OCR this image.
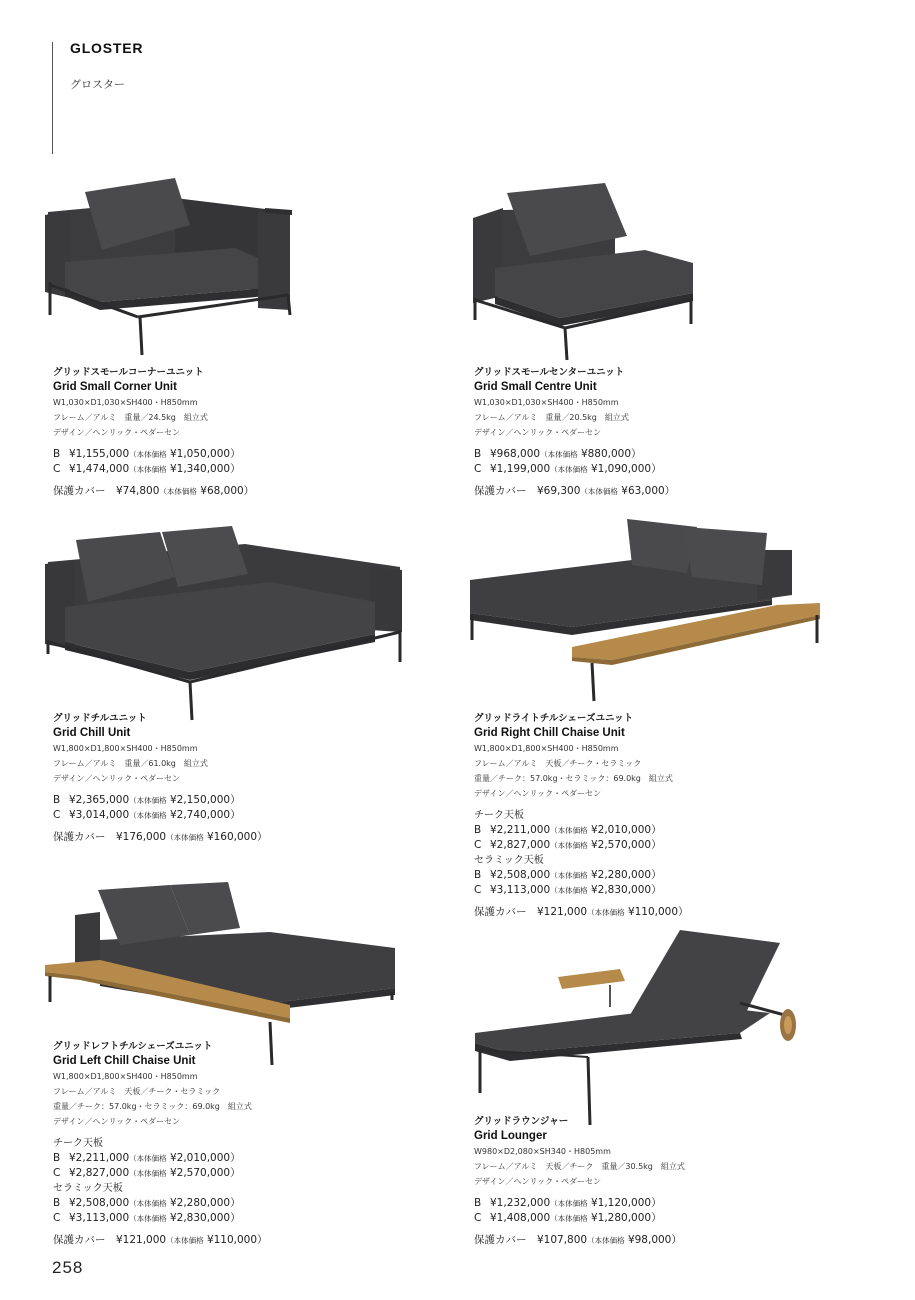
GLOSTER
グロスター

グリッドスモールコーナーユニット

Grid Small Corner Unit

W1,030×D1,030×SH400・H850mm

フレーム／アルミ　重量／24.5kg　組立式

デザイン／ヘンリック・ペダーセン

B ¥1,155,000（本体価格 ¥1,050,000）

C ¥1,474,000（本体価格 ¥1,340,000）

保護カバー　¥74,800（本体価格 ¥68,000）

グリッドスモールセンターユニット

Grid Small Centre Unit

W1,030×D1,030×SH400・H850mm

フレーム／アルミ　重量／20.5kg　組立式

デザイン／ヘンリック・ペダーセン

B ¥968,000（本体価格 ¥880,000）

C ¥1,199,000（本体価格 ¥1,090,000）

保護カバー　¥69,300（本体価格 ¥63,000）

グリッドチルユニット

Grid Chill Unit

W1,800×D1,800×SH400・H850mm

フレーム／アルミ　重量／61.0kg　組立式

デザイン／ヘンリック・ペダーセン

B ¥2,365,000（本体価格 ¥2,150,000）

C ¥3,014,000（本体価格 ¥2,740,000）

保護カバー　¥176,000（本体価格 ¥160,000）

グリッドライトチルシェーズユニット

Grid Right Chill Chaise Unit

W1,800×D1,800×SH400・H850mm

フレーム／アルミ　天板／チーク・セラミック

重量／チーク：57.0kg・セラミック：69.0kg　組立式

デザイン／ヘンリック・ペダーセン

チーク天板

B ¥2,211,000（本体価格 ¥2,010,000）

C ¥2,827,000（本体価格 ¥2,570,000）

セラミック天板

B ¥2,508,000（本体価格 ¥2,280,000）

C ¥3,113,000（本体価格 ¥2,830,000）

保護カバー　¥121,000（本体価格 ¥110,000）

グリッドレフトチルシェーズユニット

Grid Left Chill Chaise Unit

W1,800×D1,800×SH400・H850mm

フレーム／アルミ　天板／チーク・セラミック

重量／チーク：57.0kg・セラミック：69.0kg　組立式

デザイン／ヘンリック・ペダーセン

チーク天板

B ¥2,211,000（本体価格 ¥2,010,000）

C ¥2,827,000（本体価格 ¥2,570,000）

セラミック天板

B ¥2,508,000（本体価格 ¥2,280,000）

C ¥3,113,000（本体価格 ¥2,830,000）

保護カバー　¥121,000（本体価格 ¥110,000）

グリッドラウンジャー

Grid Lounger

W980×D2,080×SH340・H805mm

フレーム／アルミ　天板／チーク　重量／30.5kg　組立式

デザイン／ヘンリック・ペダーセン

B ¥1,232,000（本体価格 ¥1,120,000）

C ¥1,408,000（本体価格 ¥1,280,000）

保護カバー　¥107,800（本体価格 ¥98,000）

258
